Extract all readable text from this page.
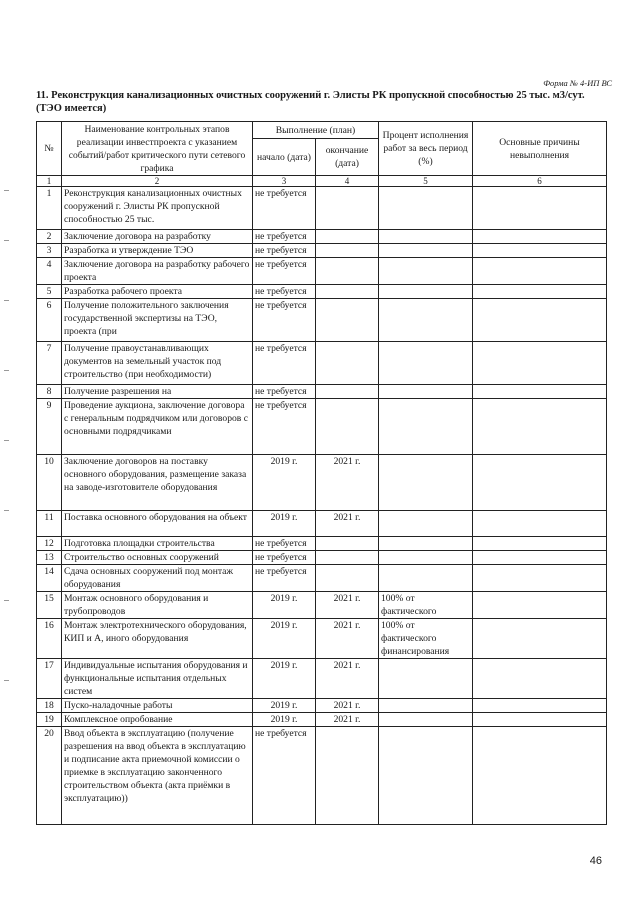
Форма № 4-ИП ВС
11. Реконструкция канализационных очистных сооружений г. Элисты РК пропускной способностью 25 тыс. м3/сут. (ТЭО имеется)
№	Наименование контрольных этапов реализации инвестпроекта с указанием событий/работ критического пути сетевого графика	Выполнение (план)		Процент исполнения работ за весь период (%)	Основные причины невыполнения
		начало (дата)	окончание (дата)		
1	2	3	4	5	6
1	Реконструкция канализационных очистных сооружений г. Элисты РК пропускной способностью 25 тыс.	не требуется			
2	Заключение договора на разработку	не требуется			
3	Разработка и утверждение ТЭО	не требуется			
4	Заключение договора на разработку рабочего проекта	не требуется			
5	Разработка рабочего проекта	не требуется			
6	Получение положительного заключения государственной экспертизы на ТЭО, проекта (при	не требуется			
7	Получение правоустанавливающих документов на земельный участок под строительство (при необходимости)	не требуется			
8	Получение разрешения на	не требуется			
9	Проведение аукциона, заключение договора с генеральным подрядчиком или договоров с основными подрядчиками	не требуется			
10	Заключение договоров на поставку основного оборудования, размещение заказа на заводе-изготовителе оборудования	2019 г.	2021 г.		
11	Поставка основного оборудования на объект	2019 г.	2021 г.		
12	Подготовка площадки строительства	не требуется			
13	Строительство основных сооружений	не требуется			
14	Сдача основных сооружений под монтаж оборудования	не требуется			
15	Монтаж основного оборудования и трубопроводов	2019 г.	2021 г.	100% от фактического	
16	Монтаж электротехнического оборудования, КИП и А, иного оборудования	2019 г.	2021 г.	100% от фактического финансирования	
17	Индивидуальные испытания оборудования и функциональные испытания отдельных систем	2019 г.	2021 г.		
18	Пуско-наладочные работы	2019 г.	2021 г.		
19	Комплексное опробование	2019 г.	2021 г.		
20	Ввод объекта в эксплуатацию (получение разрешения на ввод объекта в эксплуатацию и подписание акта приемочной комиссии о приемке в эксплуатацию законченного строительством объекта (акта приёмки в эксплуатацию))	не требуется			
46
